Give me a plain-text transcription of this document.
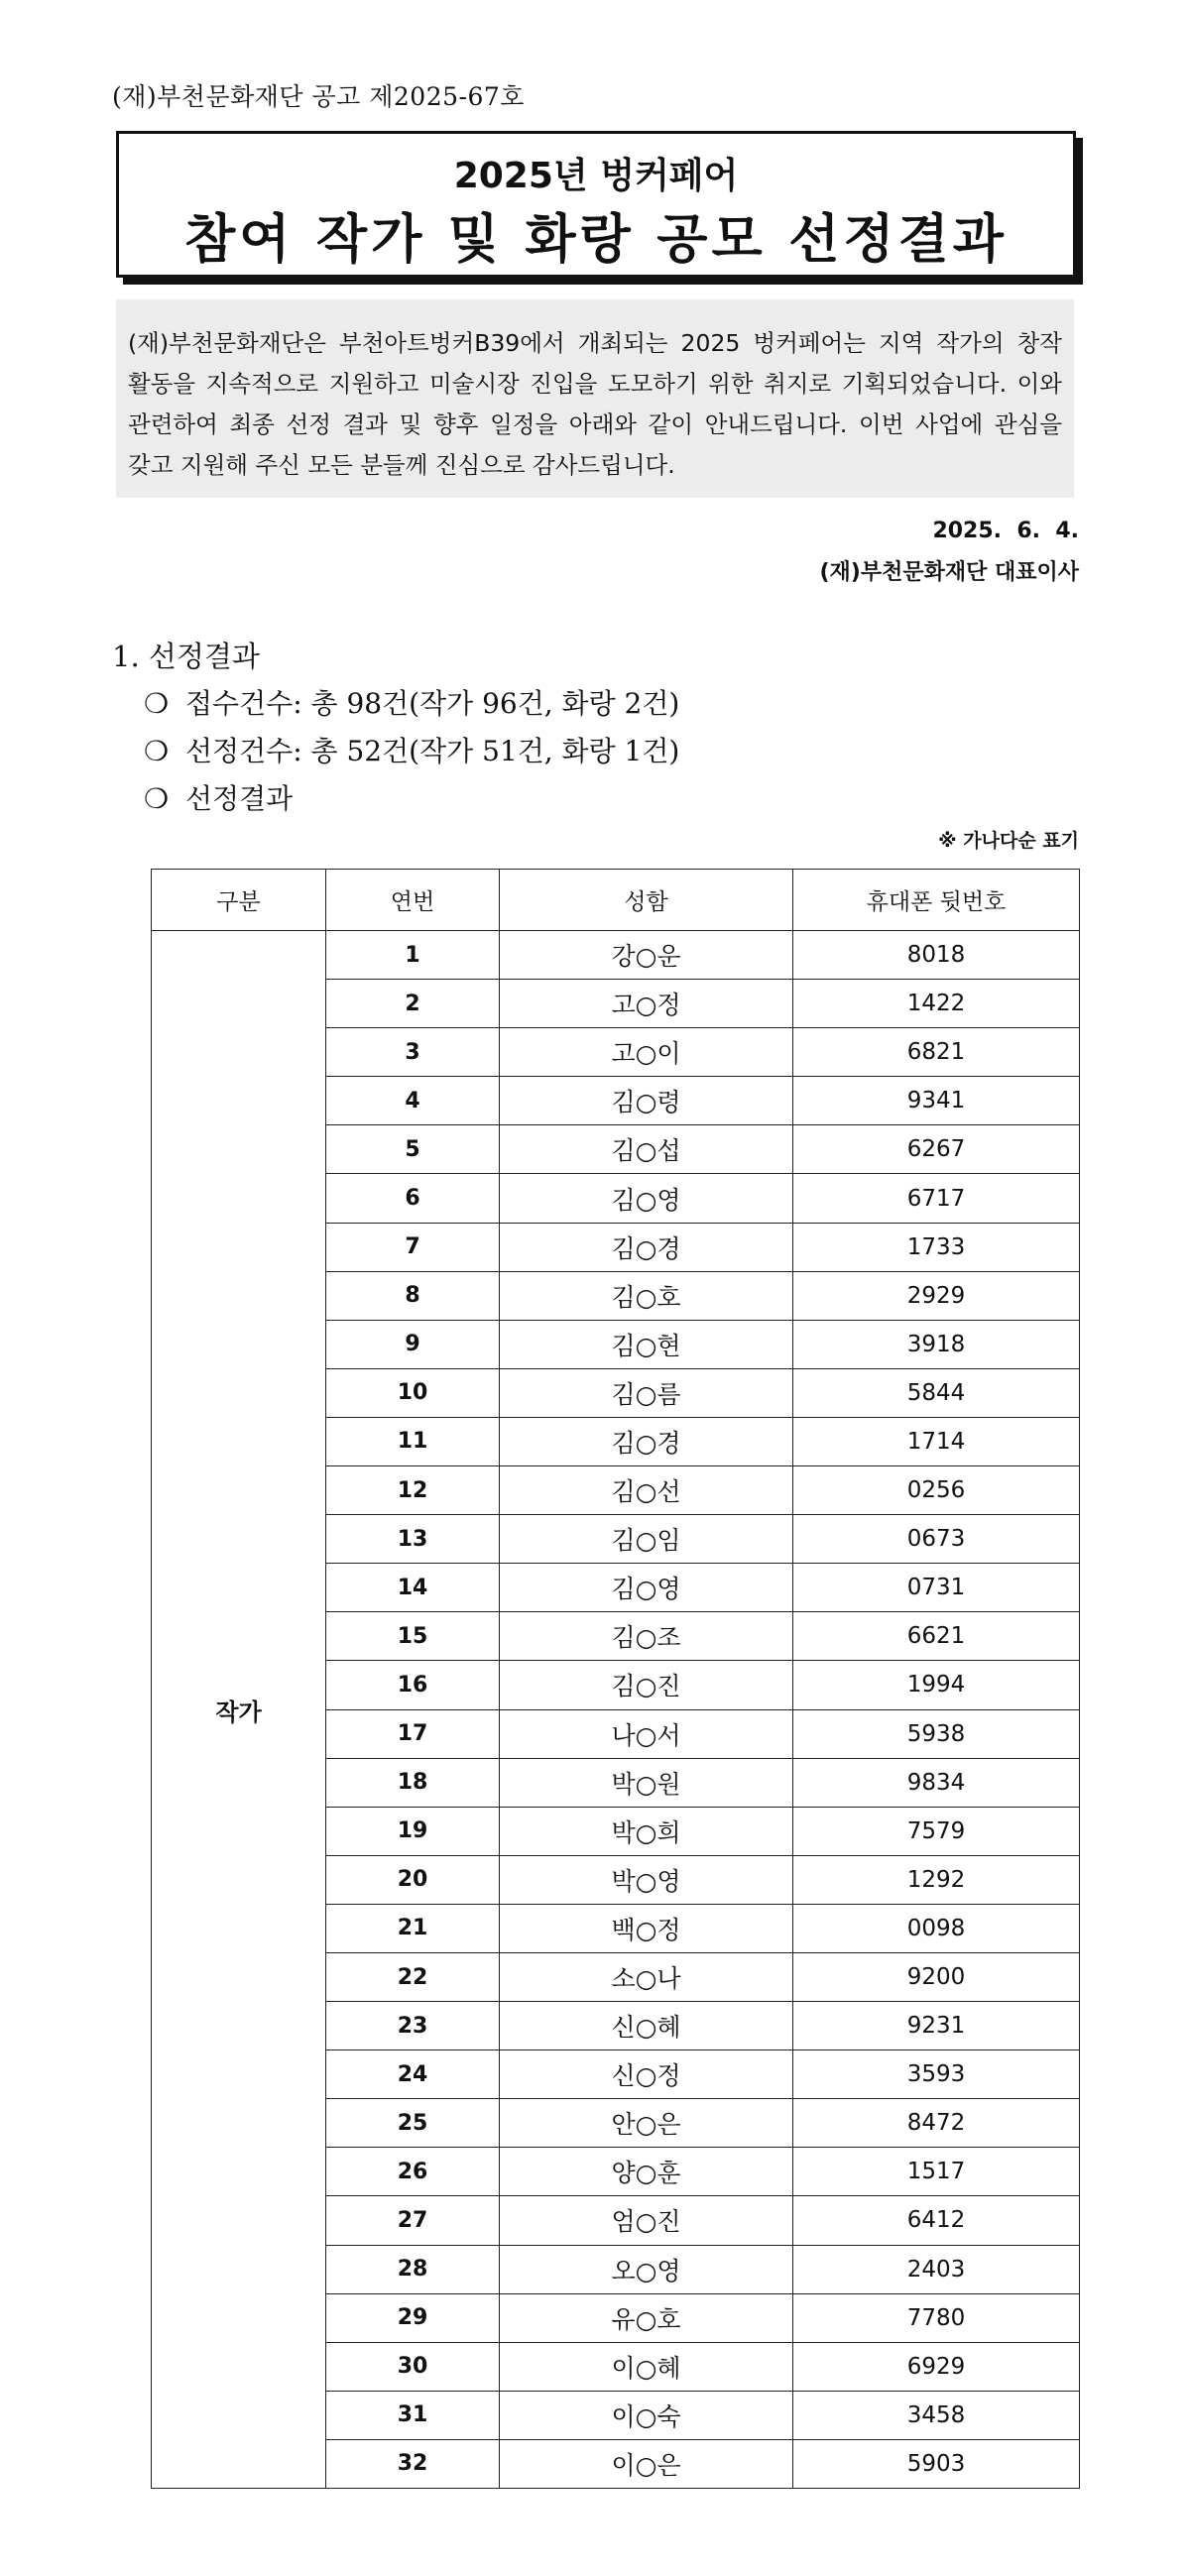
(재)부천문화재단 공고 제2025-67호
2025년 벙커페어
참여 작가 및 화랑 공모 선정결과

(재)부천문화재단은 부천아트벙커B39에서 개최되는 2025 벙커페어는 지역 작가의 창작 활동을 지속적으로 지원하고 미술시장 진입을 도모하기 위한 취지로 기획되었습니다. 이와 관련하여 최종 선정 결과 및 향후 일정을 아래와 같이 안내드립니다. 이번 사업에 관심을 갖고 지원해 주신 모든 분들께 진심으로 감사드립니다.

2025.  6.  4.
(재)부천문화재단 대표이사
1. 선정결과
❍ 접수건수: 총 98건(작가 96건, 화랑 2건)
❍ 선정건수: 총 52건(작가 51건, 화랑 1건)
❍ 선정결과
※ 가나다순 표기
구분	연번	성함	휴대폰 뒷번호
작가	1	강○운	8018
	2	고○정	1422
	3	고○이	6821
	4	김○령	9341
	5	김○섭	6267
	6	김○영	6717
	7	김○경	1733
	8	김○호	2929
	9	김○현	3918
	10	김○름	5844
	11	김○경	1714
	12	김○선	0256
	13	김○임	0673
	14	김○영	0731
	15	김○조	6621
	16	김○진	1994
	17	나○서	5938
	18	박○원	9834
	19	박○희	7579
	20	박○영	1292
	21	백○정	0098
	22	소○나	9200
	23	신○혜	9231
	24	신○정	3593
	25	안○은	8472
	26	양○훈	1517
	27	엄○진	6412
	28	오○영	2403
	29	유○호	7780
	30	이○혜	6929
	31	이○숙	3458
	32	이○은	5903
